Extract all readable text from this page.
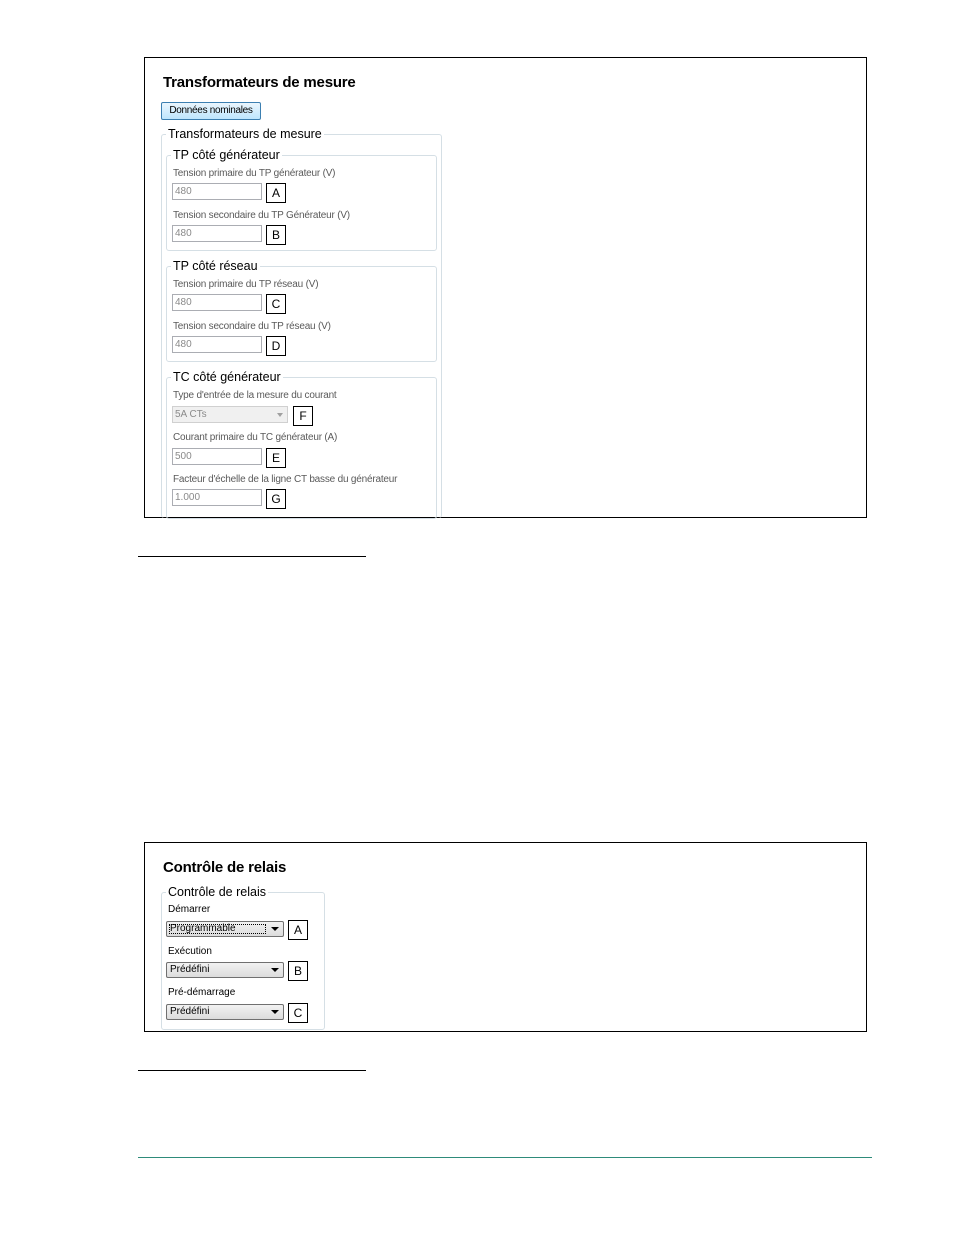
Transformateurs de mesure
Données nominales
Transformateurs de mesure
TP côté générateur
Tension primaire du TP générateur (V)
480	A
Tension secondaire du TP Générateur (V)
480	B
TP côté réseau
Tension primaire du TP réseau (V)
480	C
Tension secondaire du TP réseau (V)
480	D
TC côté générateur
Type d'entrée de la mesure du courant
5A CTs	F
Courant primaire du TC générateur (A)
500	E
Facteur d'échelle de la ligne CT basse du générateur
1.000	G
Contrôle de relais
Contrôle de relais
Démarrer
Programmable	A
Exécution
Prédéfini	B
Pré-démarrage
Prédéfini	C
